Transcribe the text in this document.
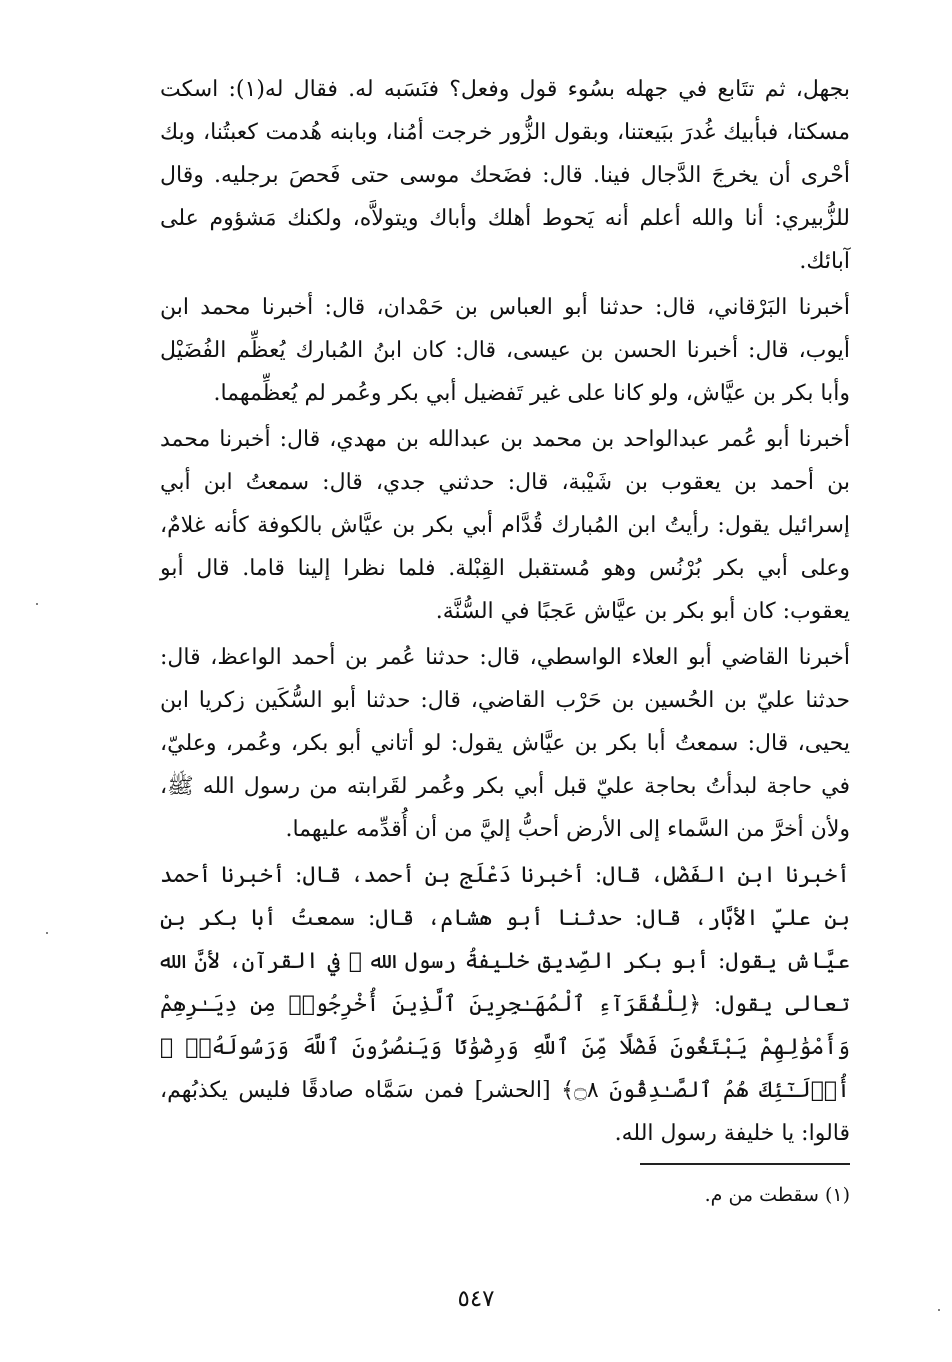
بجهل، ثم تتَابع في جهله بسُوء قول وفعل؟ فنَسَبه له. فقال له(١): اسكت مسكتا، فبأبيك غُدرَ ببَيعتنا، وبقول الزُّور خرجت أمُنا، وبابنه هُدمت كعبتُنا، وبك أحْرى أن يخرجَ الدَّجال فينا. قال: فضَحك موسى حتى فَحصَ برجليه. وقال للزُّبيري: أنا والله أعلم أنه يَحوط أهلك وأباك ويتولاَّه، ولكنك مَشؤوم على آبائك.

أخبرنا البَرْقاني، قال: حدثنا أبو العباس بن حَمْدان، قال: أخبرنا محمد ابن أيوب، قال: أخبرنا الحسن بن عيسى، قال: كان ابنُ المُبارك يُعظِّم الفُضَيْل وأبا بكر بن عيَّاش، ولو كانا على غير تَفضيل أبي بكر وعُمر لم يُعظِّمهما.

أخبرنا أبو عُمر عبدالواحد بن محمد بن عبدالله بن مهدي، قال: أخبرنا محمد بن أحمد بن يعقوب بن شَيْبة، قال: حدثني جدي، قال: سمعتُ ابن أبي إسرائيل يقول: رأيتُ ابن المُبارك قُدَّام أبي بكر بن عيَّاش بالكوفة كأنه غلامٌ، وعلى أبي بكر بُرْنُس وهو مُستقبل القِبْلة. فلما نظرا إلينا قاما. قال أبو يعقوب: كان أبو بكر بن عيَّاش عَجبًا في السُّنَّة.

أخبرنا القاضي أبو العلاء الواسطي، قال: حدثنا عُمر بن أحمد الواعظ، قال: حدثنا عليّ بن الحُسين بن حَرْب القاضي، قال: حدثنا أبو السُّكَين زكريا ابن يحيى، قال: سمعتُ أبا بكر بن عيَّاش يقول: لو أتاني أبو بكر، وعُمر، وعليّ، في حاجة لبدأتُ بحاجة عليّ قبل أبي بكر وعُمر لقَرابته من رسول الله ﷺ، ولأن أخرَّ من السَّماء إلى الأرض أحبُّ إليَّ من أن أُقدِّمه عليهما.

أخبرنا ابن الفَضْل، قال: أخبرنا دَعْلَج بن أحمد، قال: أخبرنا أحمد بن عليّ الأبَّار، قال: حدثنا أبو هشام، قال: سمعتُ أبا بكر بن عيَّاش يقول: أبو بكر الصِّديق خليفةُ رسول الله ﷺ في القرآن، لأنَّ الله تعالى يقول: ﴿لِلْفُقَرَآءِ ٱلْمُهَـٰجِرِينَ ٱلَّذِينَ أُخْرِجُوا۟ مِن دِيَـٰرِهِمْ وَأَمْوَٰلِهِمْ يَبْتَغُونَ فَضْلًا مِّنَ ٱللَّهِ وَرِضْوَٰنًا وَيَنصُرُونَ ٱللَّهَ وَرَسُولَهُۥٓ ۚ أُو۟لَـٰٓئِكَ هُمُ ٱلصَّـٰدِقُونَ ۝٨﴾ [الحشر] فمن سَمَّاه صادقًا فليس يكذبُهم، قالوا: يا خليفة رسول الله.

(١) سقطت من م.
٥٤٧
